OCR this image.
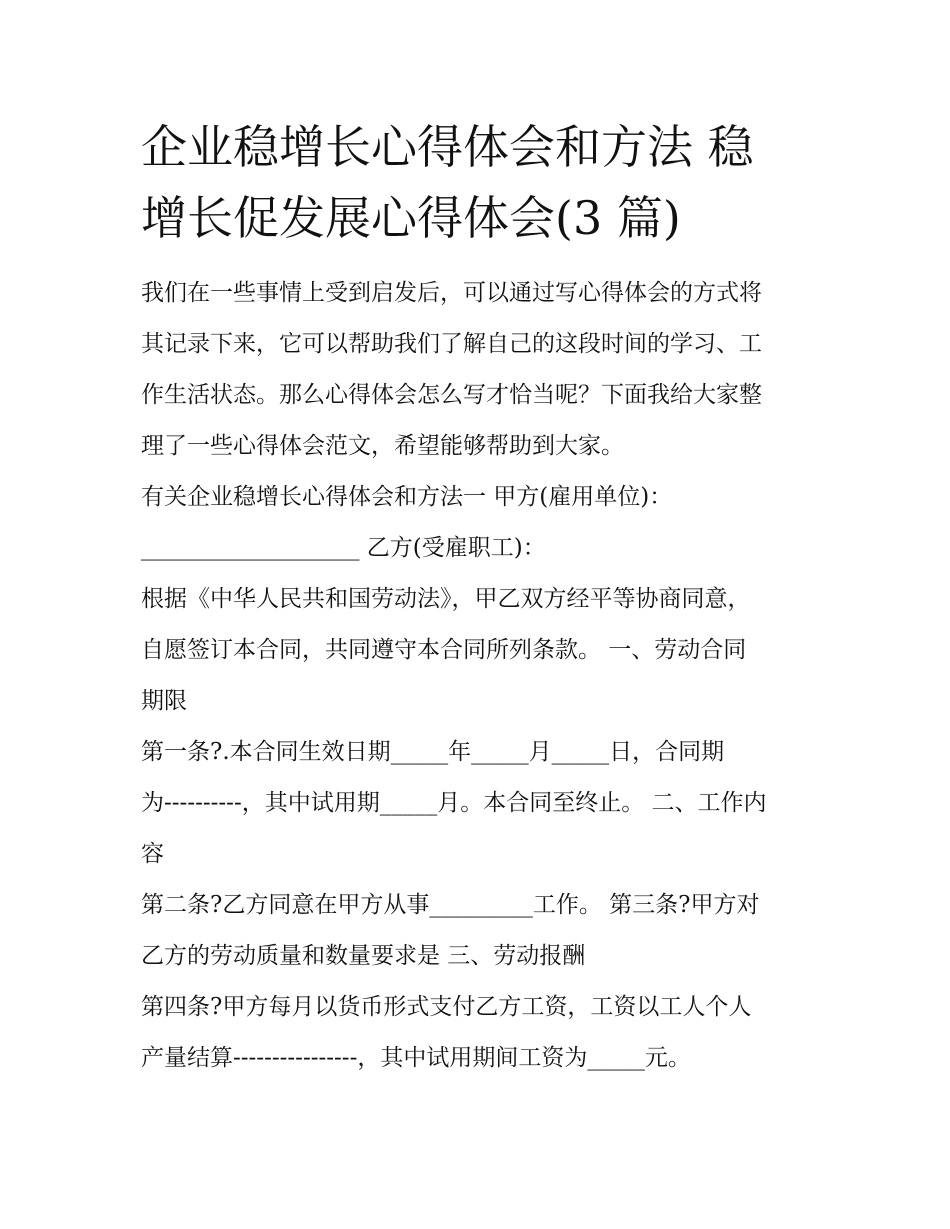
企业稳增长心得体会和方法 稳
增长促发展心得体会(3 篇)
我们在一些事情上受到启发后，可以通过写心得体会的方式将
其记录下来，它可以帮助我们了解自己的这段时间的学习、工
作生活状态。那么心得体会怎么写才恰当呢？下面我给大家整
理了一些心得体会范文，希望能够帮助到大家。
有关企业稳增长心得体会和方法一 甲方(雇用单位)：
___________________ 乙方(受雇职工)：
根据《中华人民共和国劳动法》，甲乙双方经平等协商同意，
自愿签订本合同，共同遵守本合同所列条款。 一、劳动合同
期限
第一条?.本合同生效日期_____年_____月_____日，合同期
为----------，其中试用期_____月。本合同至终止。 二、工作内
容
第二条?乙方同意在甲方从事_________工作。 第三条?甲方对
乙方的劳动质量和数量要求是 三、劳动报酬
第四条?甲方每月以货币形式支付乙方工资，工资以工人个人
产量结算----------------，其中试用期间工资为_____元。
